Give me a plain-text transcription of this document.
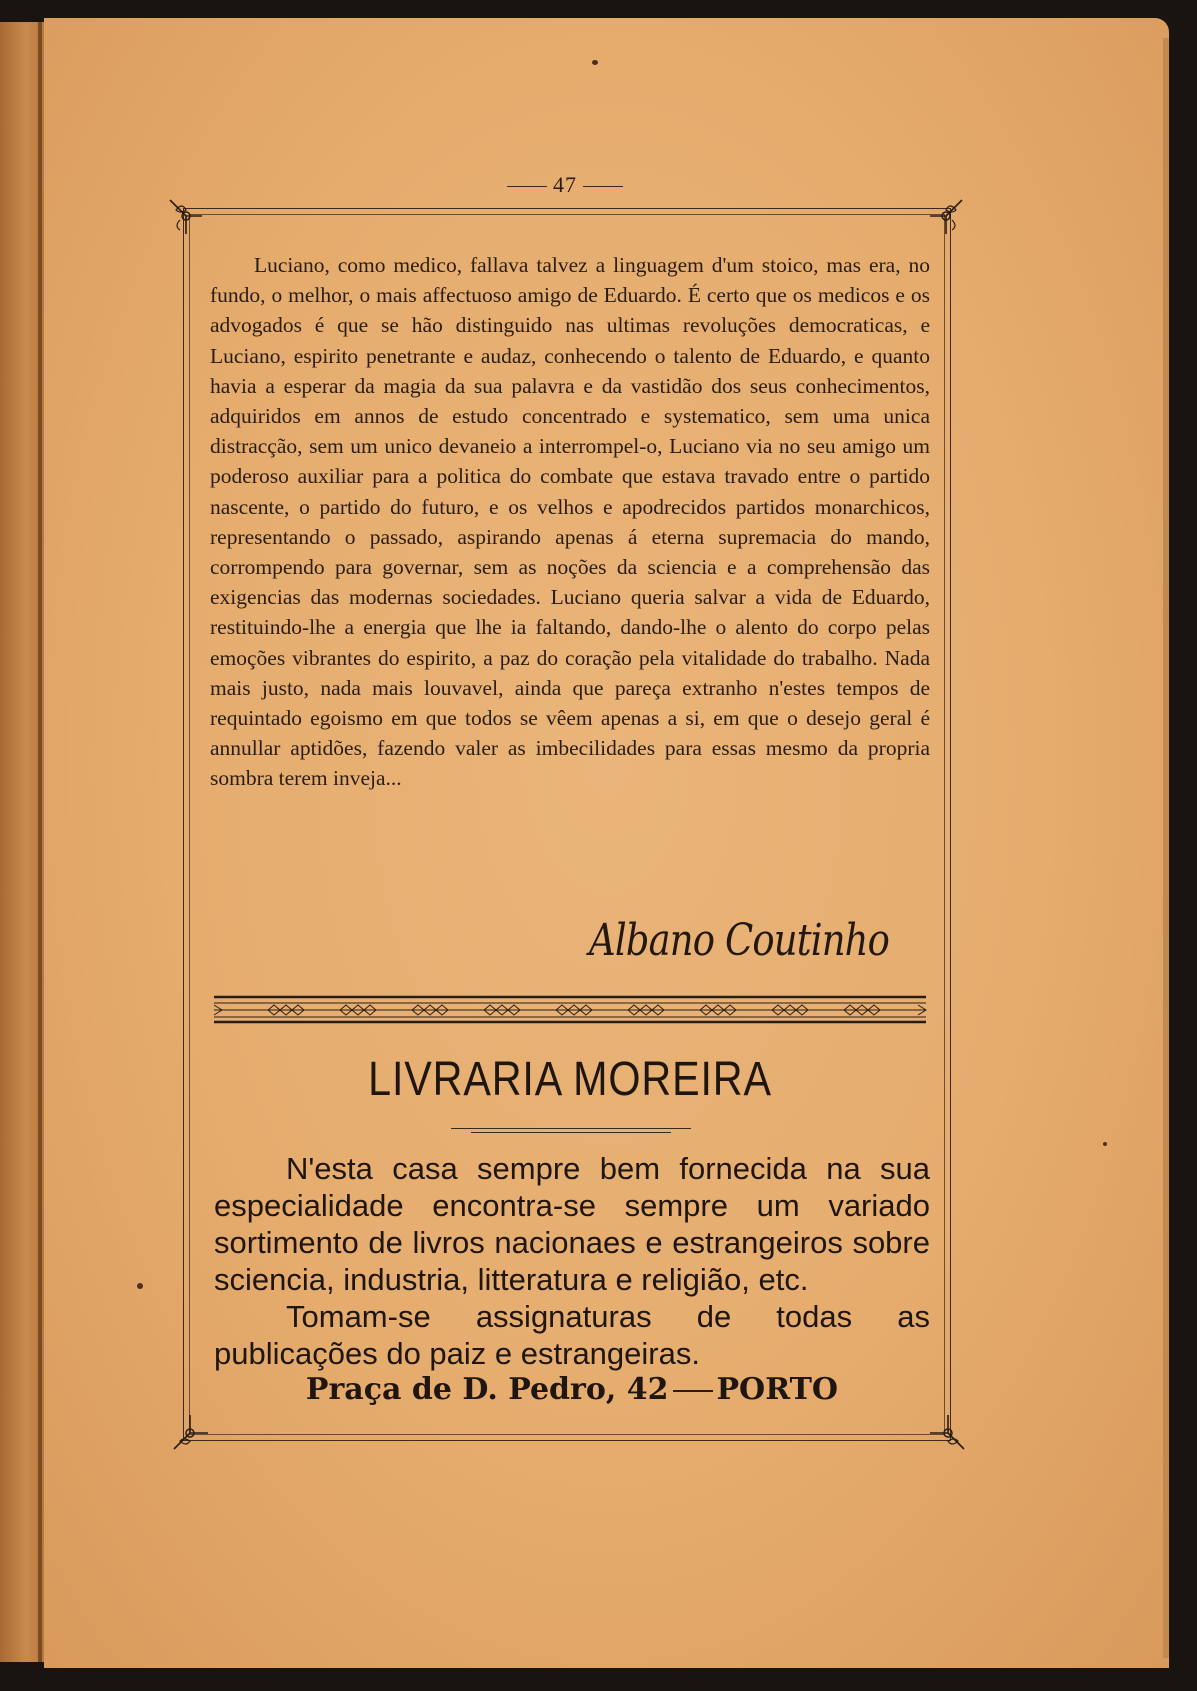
47
Luciano, como medico, fallava talvez a linguagem d'um stoico, mas era, no fundo, o melhor, o mais affectuoso amigo de Eduardo. É certo que os medicos e os advogados é que se hão distinguido nas ultimas revoluções democraticas, e Luciano, espirito penetrante e audaz, conhecendo o talento de Eduardo, e quanto havia a esperar da magia da sua palavra e da vastidão dos seus conhecimentos, adquiridos em annos de estudo concentrado e systematico, sem uma unica distracção, sem um unico devaneio a interrompel-o, Luciano via no seu amigo um poderoso auxiliar para a politica do combate que estava travado entre o partido nascente, o partido do futuro, e os velhos e apodrecidos partidos monarchicos, representando o passado, aspirando apenas á eterna supremacia do mando, corrompendo para governar, sem as noções da sciencia e a comprehensão das exigencias das modernas sociedades. Luciano queria salvar a vida de Eduardo, restituindo-lhe a energia que lhe ia faltando, dando-lhe o alento do corpo pelas emoções vibrantes do espirito, a paz do coração pela vitalidade do trabalho. Nada mais justo, nada mais louvavel, ainda que pareça extranho n'estes tempos de requintado egoismo em que todos se vêem apenas a si, em que o desejo geral é annullar aptidões, fazendo valer as imbecilidades para essas mesmo da propria sombra terem inveja...
Albano Coutinho
LIVRARIA MOREIRA

N'esta casa sempre bem fornecida na sua especialidade encontra-se sempre um variado sortimento de livros nacionaes e estrangeiros sobre sciencia, industria, litteratura e religião, etc.

Tomam-se assignaturas de todas as publicações do paiz e estrangeiras.

Praça de D. Pedro, 42 PORTO
